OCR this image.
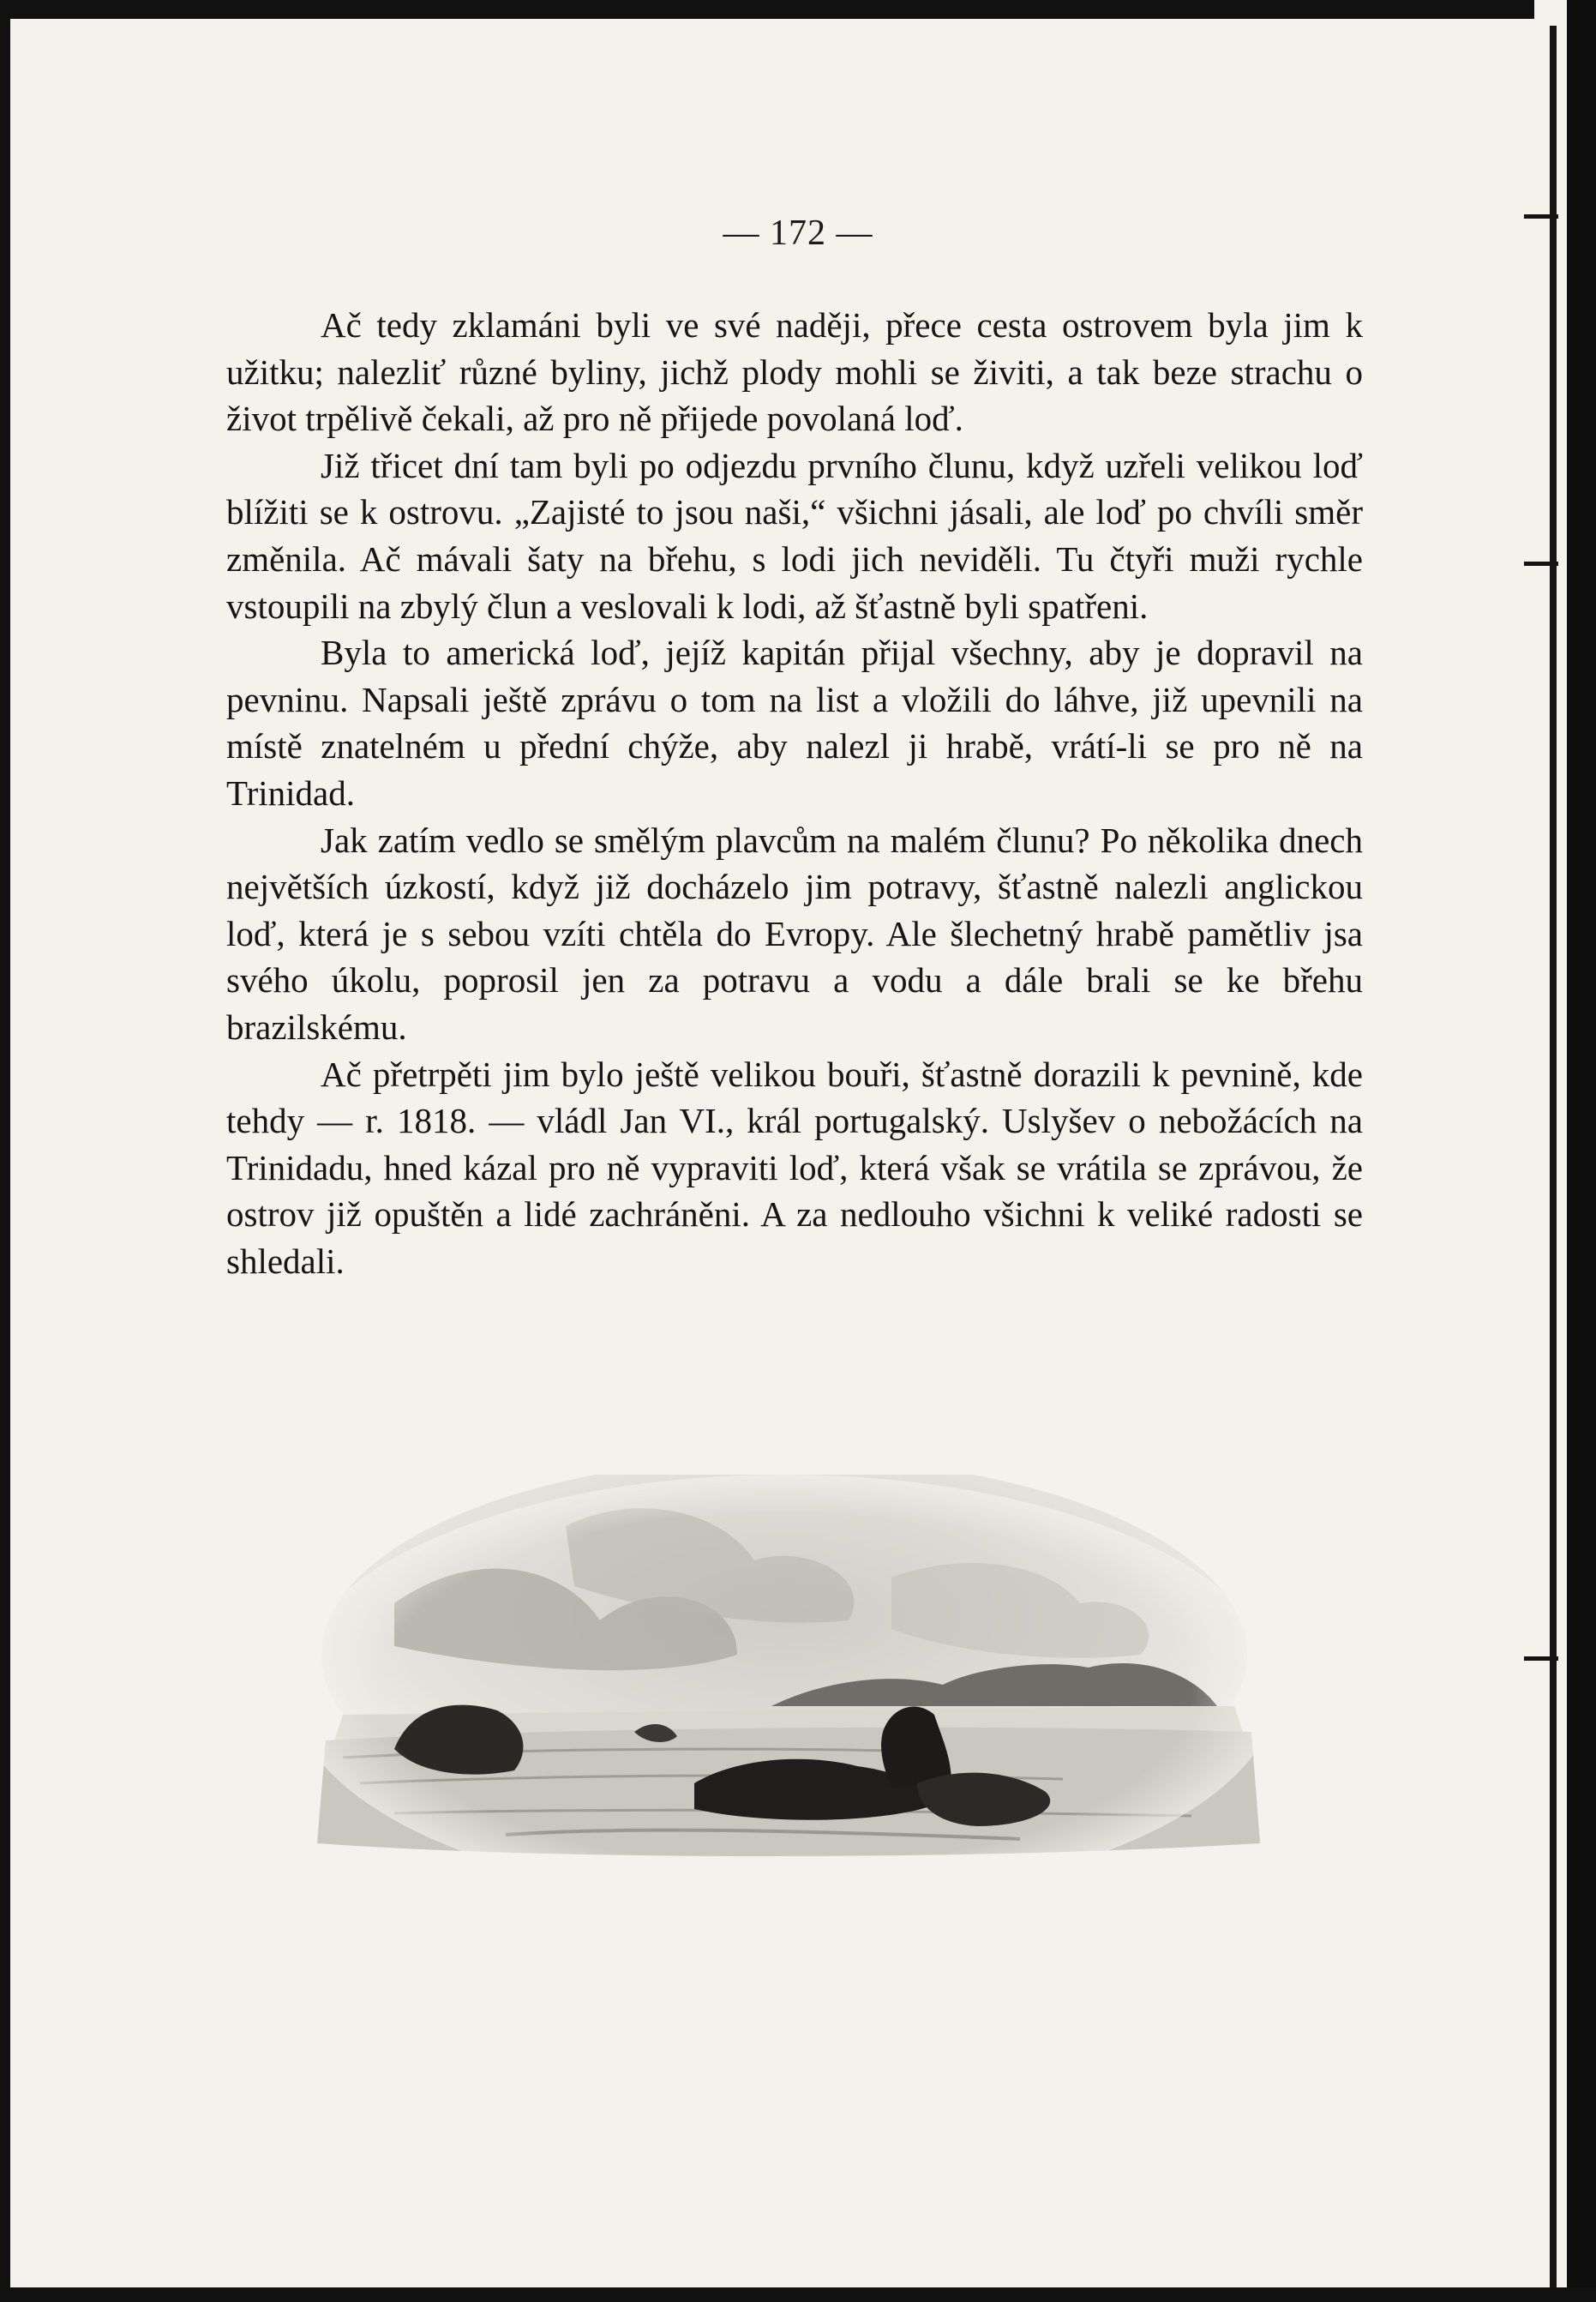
— 172 —

Ač tedy zklamáni byli ve své naději, přece cesta ostrovem byla jim k užitku; nalezliť různé byliny, jichž plody mohli se živiti, a tak beze strachu o život trpělivě čekali, až pro ně přijede povolaná loď.

Již třicet dní tam byli po odjezdu prvního člunu, když uzřeli velikou loď blížiti se k ostrovu. „Zajisté to jsou naši,“ všichni jásali, ale loď po chvíli směr změnila. Ač mávali šaty na břehu, s lodi jich neviděli. Tu čtyři muži rychle vstoupili na zbylý člun a veslovali k lodi, až šťastně byli spatřeni.

Byla to americká loď, jejíž kapitán přijal všechny, aby je dopravil na pevninu. Napsali ještě zprávu o tom na list a vložili do láhve, již upevnili na místě znatelném u přední chýže, aby nalezl ji hrabě, vrátí-li se pro ně na Trinidad.

Jak zatím vedlo se smělým plavcům na malém člunu? Po několika dnech největších úzkostí, když již docházelo jim potravy, šťastně nalezli anglickou loď, která je s sebou vzíti chtěla do Evropy. Ale šlechetný hrabě pamětliv jsa svého úkolu, poprosil jen za potravu a vodu a dále brali se ke břehu brazilskému.

Ač přetrpěti jim bylo ještě velikou bouři, šťastně dorazili k pevnině, kde tehdy — r. 1818. — vládl Jan VI., král portugalský. Uslyšev o nebožácích na Trinidadu, hned kázal pro ně vypraviti loď, která však se vrátila se zprávou, že ostrov již opuštěn a lidé zachráněni. A za nedlouho všichni k veliké radosti se shledali.
